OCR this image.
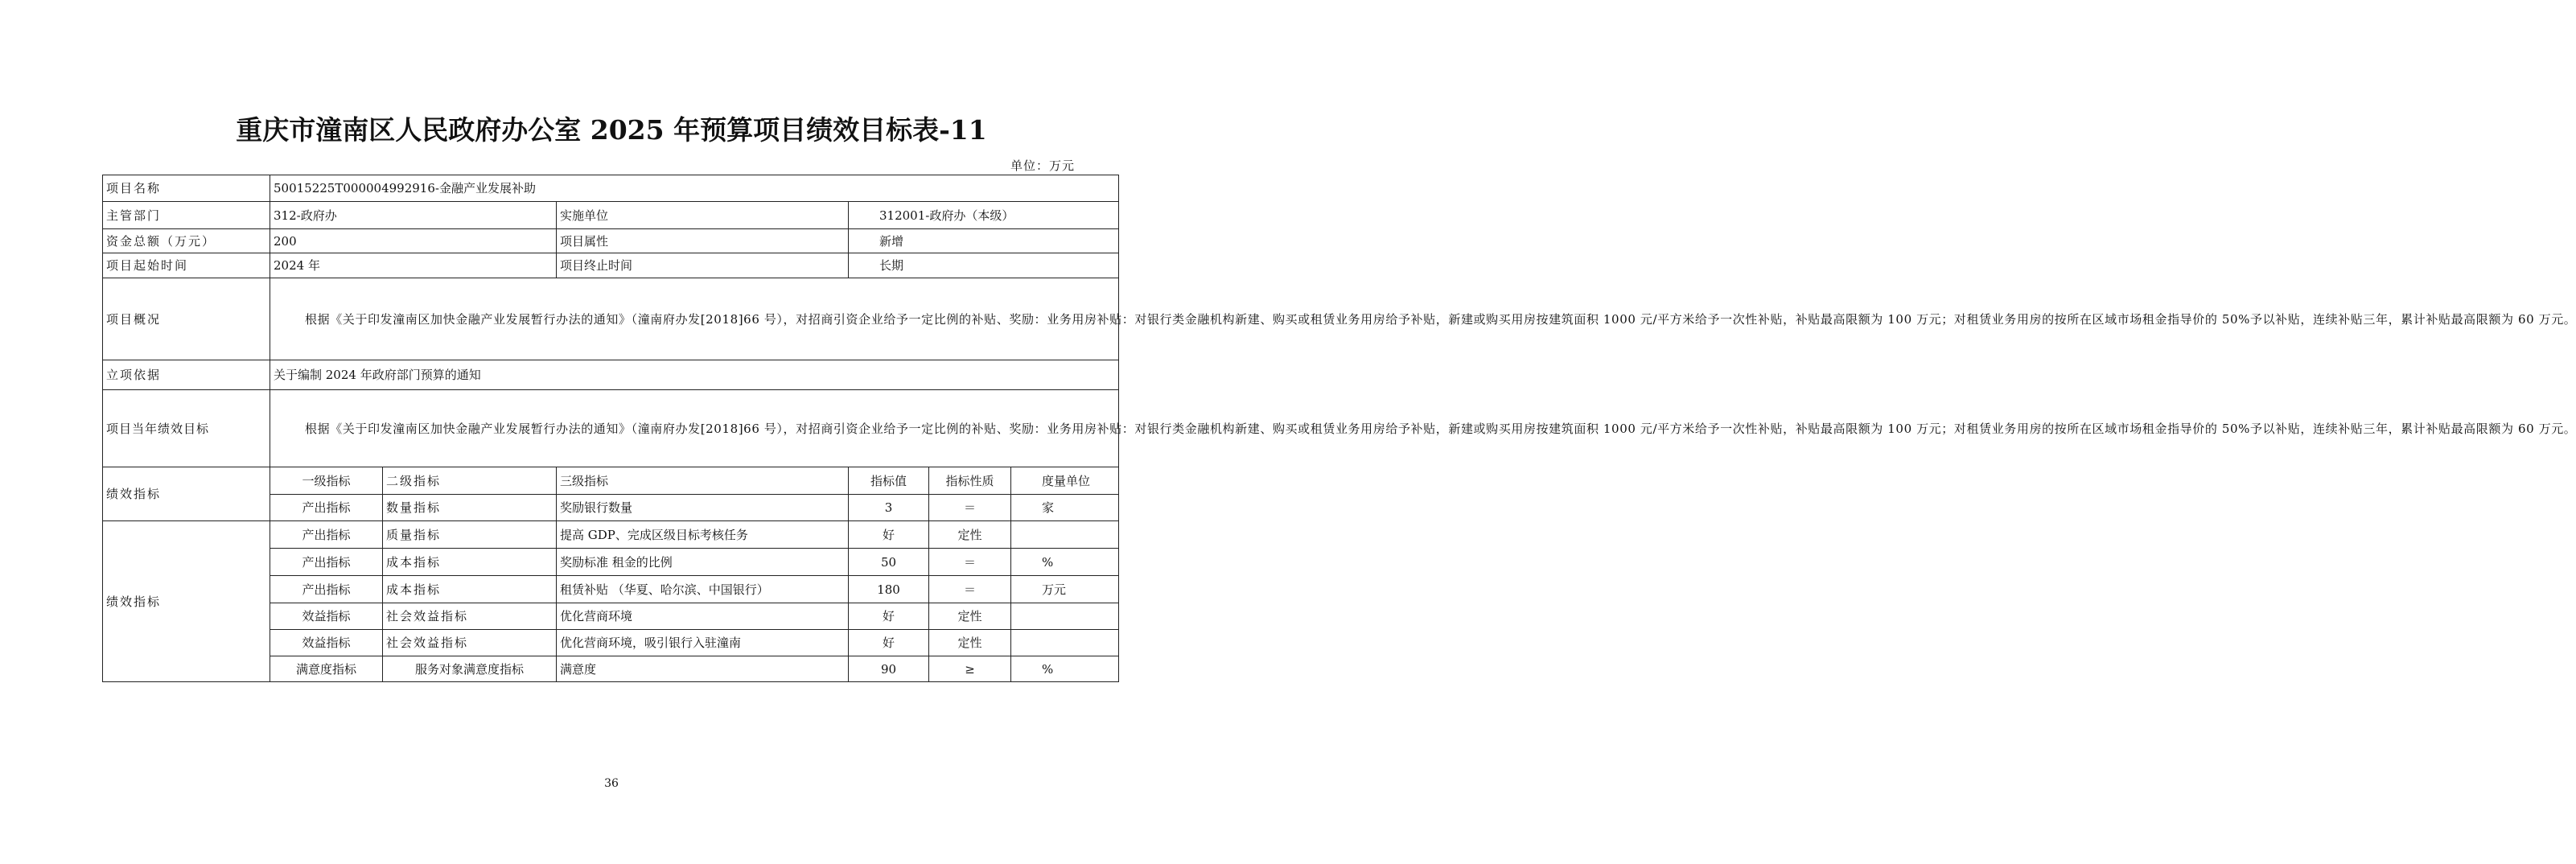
重庆市潼南区人民政府办公室 2025 年预算项目绩效目标表-11
单位：万元
项目名称	50015225T000004992916-金融产业发展补助					
主管部门	312-政府办		实施单位	312001-政府办（本级）		
资金总额（万元）	200		项目属性	新增		
项目起始时间	2024 年		项目终止时间	长期		
项目概况	根据《关于印发潼南区加快金融产业发展暂行办法的通知》（潼南府办发[2018]66 号），对招商引资企业给予一定比例的补贴、奖励：业务用房补贴：对银行类金融机构新建、购买或租赁业务用房给予补贴，新建或购买用房按建筑面积 1000 元/平方米给予一次性补贴，补贴最高限额为 100 万元；对租赁业务用房的按所在区域市场租金指导价的 50%予以补贴，连续补贴三年，累计补贴最高限额为 60 万元。					
立项依据	关于编制 2024 年政府部门预算的通知					
项目当年绩效目标	根据《关于印发潼南区加快金融产业发展暂行办法的通知》（潼南府办发[2018]66 号），对招商引资企业给予一定比例的补贴、奖励：业务用房补贴：对银行类金融机构新建、购买或租赁业务用房给予补贴，新建或购买用房按建筑面积 1000 元/平方米给予一次性补贴，补贴最高限额为 100 万元；对租赁业务用房的按所在区域市场租金指导价的 50%予以补贴，连续补贴三年，累计补贴最高限额为 60 万元。					
绩效指标	一级指标	二级指标	三级指标	指标值	指标性质	度量单位
	产出指标	数量指标	奖励银行数量	3	＝	家
绩效指标	产出指标	质量指标	提高 GDP、完成区级目标考核任务	好	定性	
	产出指标	成本指标	奖励标准 租金的比例	50	＝	%
	产出指标	成本指标	租赁补贴 （华夏、哈尔滨、中国银行）	180	＝	万元
	效益指标	社会效益指标	优化营商环境	好	定性	
	效益指标	社会效益指标	优化营商环境，吸引银行入驻潼南	好	定性	
	满意度指标	服务对象满意度指标	满意度	90	≥	%
36
